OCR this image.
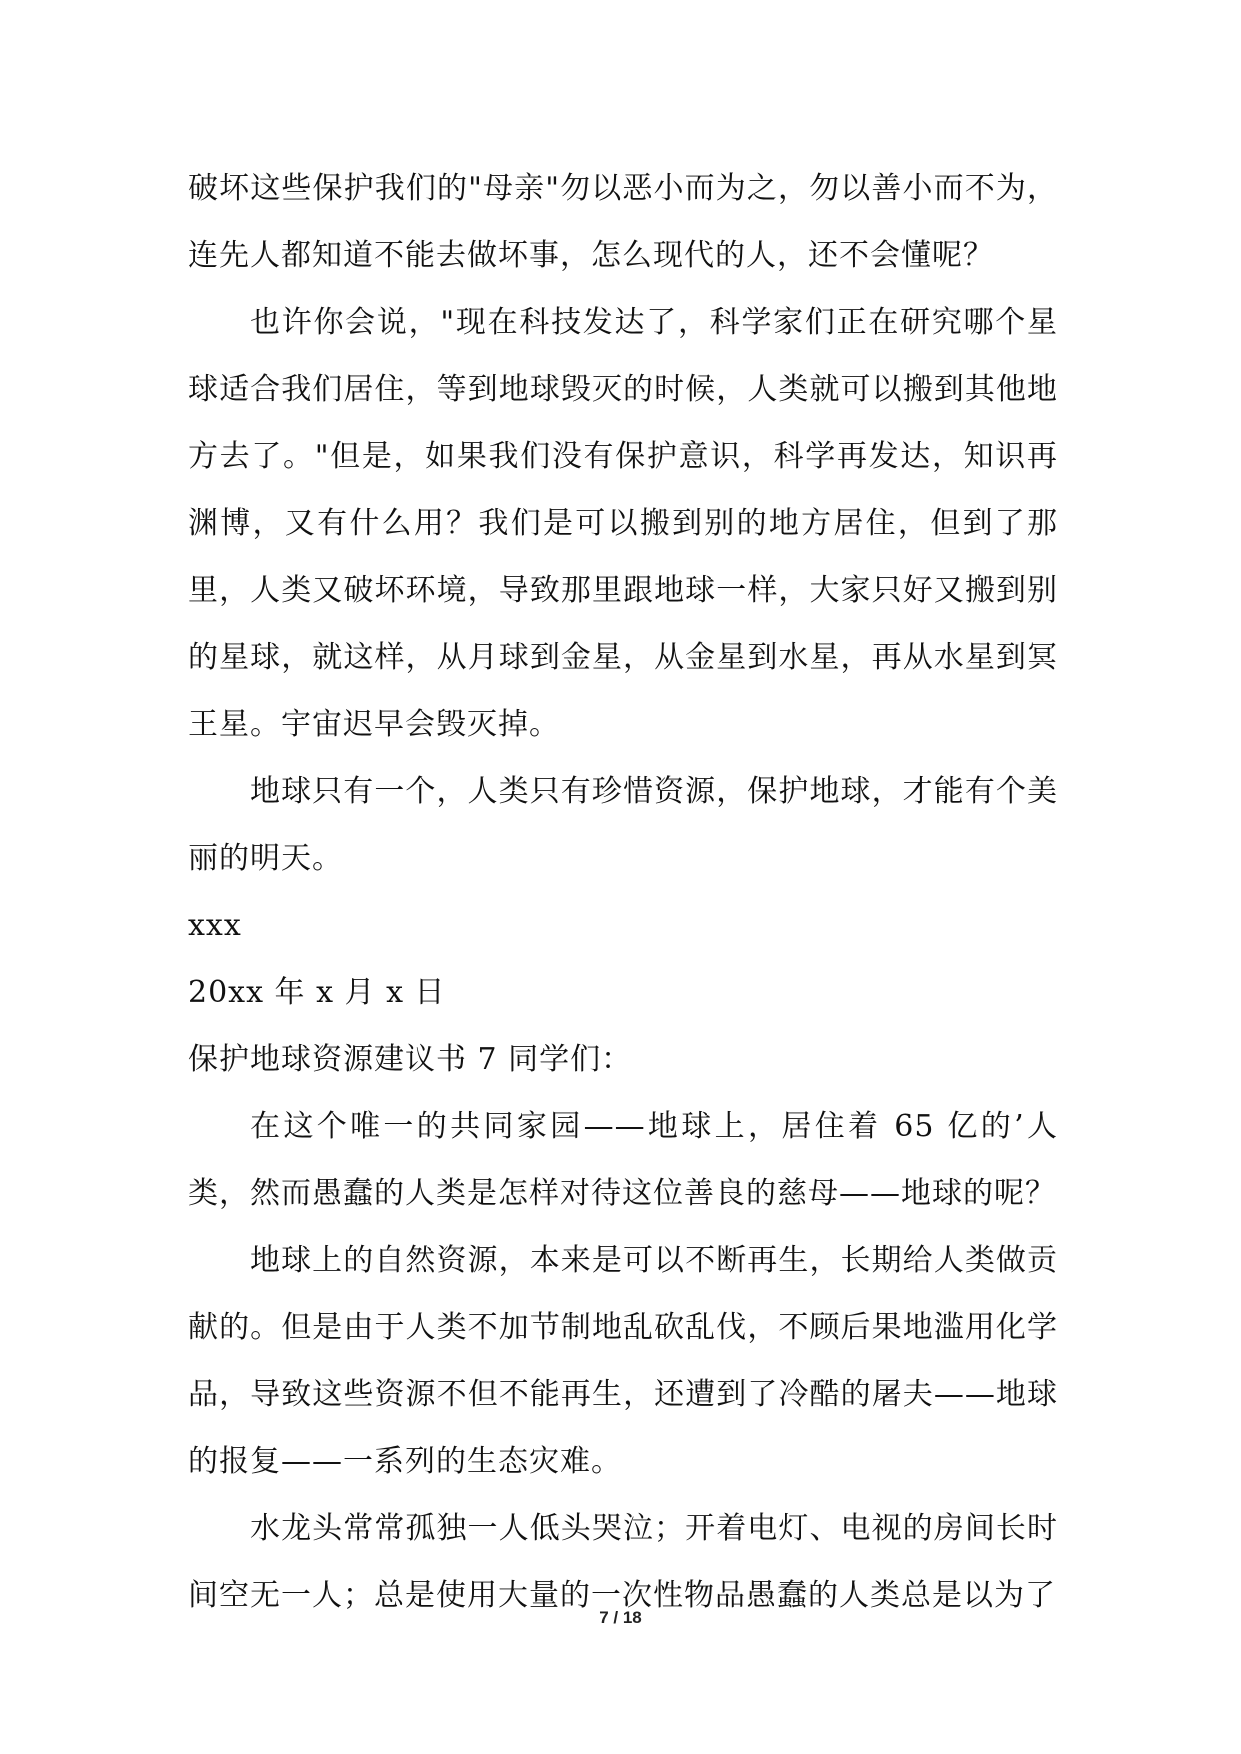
破坏这些保护我们的"母亲"勿以恶小而为之，勿以善小而不为，连先人都知道不能去做坏事，怎么现代的人，还不会懂呢？

也许你会说，"现在科技发达了，科学家们正在研究哪个星球适合我们居住，等到地球毁灭的时候，人类就可以搬到其他地方去了。"但是，如果我们没有保护意识，科学再发达，知识再渊博，又有什么用？我们是可以搬到别的地方居住，但到了那里，人类又破坏环境，导致那里跟地球一样，大家只好又搬到别的星球，就这样，从月球到金星，从金星到水星，再从水星到冥王星。宇宙迟早会毁灭掉。

地球只有一个，人类只有珍惜资源，保护地球，才能有个美丽的明天。

xxx

20xx 年 x 月 x 日

保护地球资源建议书 7 同学们：

在这个唯一的共同家园——地球上，居住着 65 亿的’人类，然而愚蠢的人类是怎样对待这位善良的慈母——地球的呢？

地球上的自然资源，本来是可以不断再生，长期给人类做贡献的。但是由于人类不加节制地乱砍乱伐，不顾后果地滥用化学品，导致这些资源不但不能再生，还遭到了冷酷的屠夫——地球的报复——一系列的生态灾难。

水龙头常常孤独一人低头哭泣；开着电灯、电视的房间长时间空无一人；总是使用大量的一次性物品愚蠢的人类总是以为了

7 / 18
